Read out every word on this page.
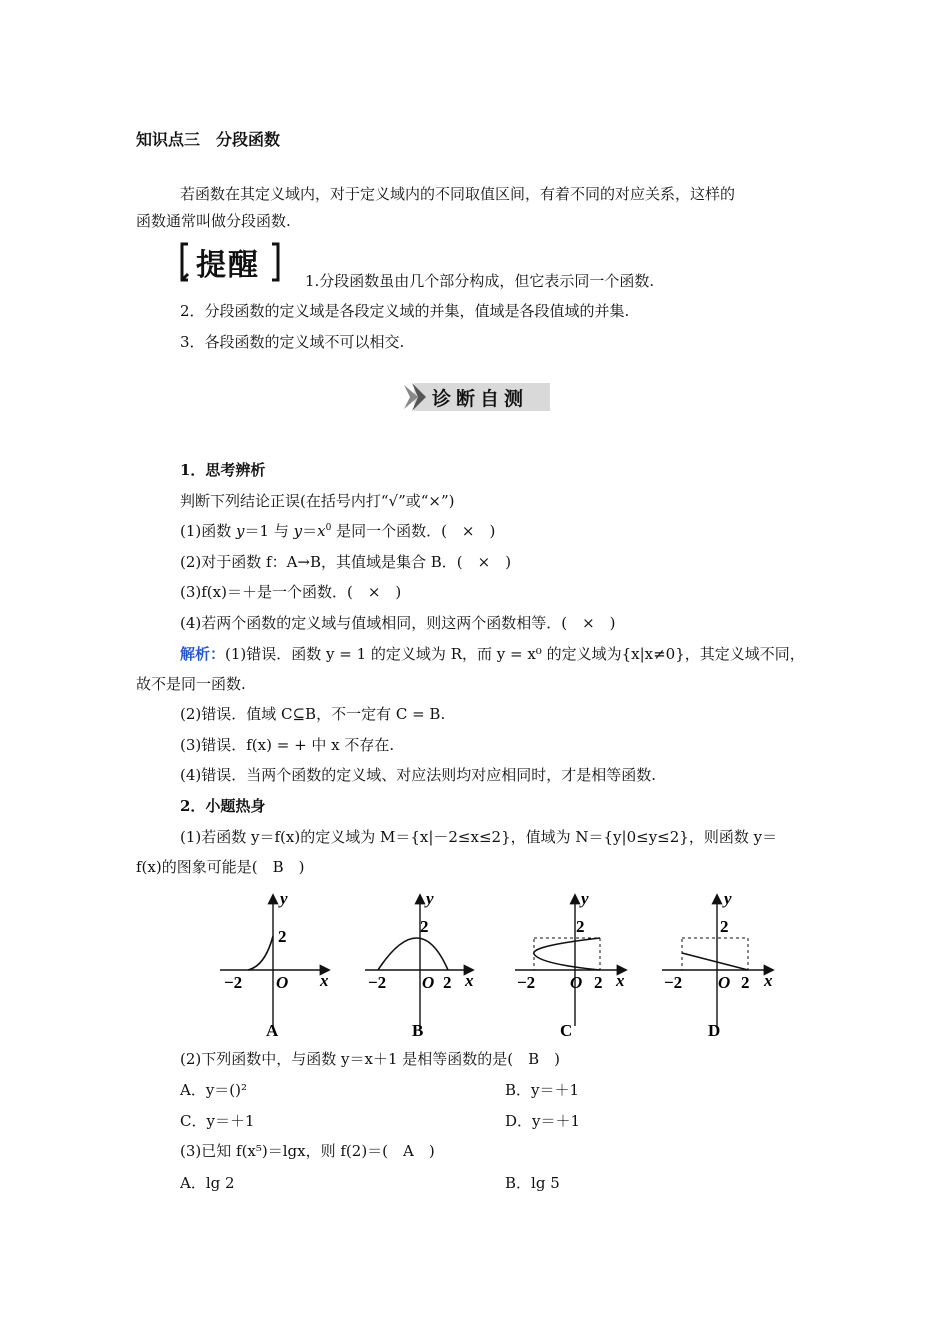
知识点三　分段函数
若函数在其定义域内，对于定义域内的不同取值区间，有着不同的对应关系，这样的
函数通常叫做分段函数.
提醒	1.分段函数虽由几个部分构成，但它表示同一个函数.
2．分段函数的定义域是各段定义域的并集，值域是各段值域的并集.
3．各段函数的定义域不可以相交.
诊断自测
1．思考辨析
判断下列结论正误(在括号内打“√”或“×”)
(1)函数 y＝1 与 $y=x^0$ 是同一个函数．(　×　)
(2)对于函数 f：A→B，其值域是集合 B．(　×　)
(3)f(x)＝＋是一个函数．(　×　)
(4)若两个函数的定义域与值域相同，则这两个函数相等．(　×　)
解析：(1)错误．函数 y = 1 的定义域为 R，而 y = x⁰ 的定义域为{x|x≠0}，其定义域不同，
故不是同一函数.
(2)错误．值域 C⊆B，不一定有 C = B.
(3)错误．f(x) = + 中 x 不存在.
(4)错误．当两个函数的定义域、对应法则均对应相同时，才是相等函数.
2．小题热身
(1)若函数 y＝f(x)的定义域为 M＝{x|－2≤x≤2}，值域为 N＝{y|0≤y≤2}，则函数 y＝
f(x)的图象可能是(　B　)
y
2
−2 O x
A
y
2
−2 O 2 x
B
y
2
−2 O 2 x
C
y
2
−2 O 2 x
D
(2)下列函数中，与函数 y＝x＋1 是相等函数的是(　B　)
A．y＝()²	B．y＝＋1
C．y＝＋1	D．y＝＋1
(3)已知 f(x⁵)＝lgx，则 f(2)＝(　A　)
A．lg 2	B．lg 5
